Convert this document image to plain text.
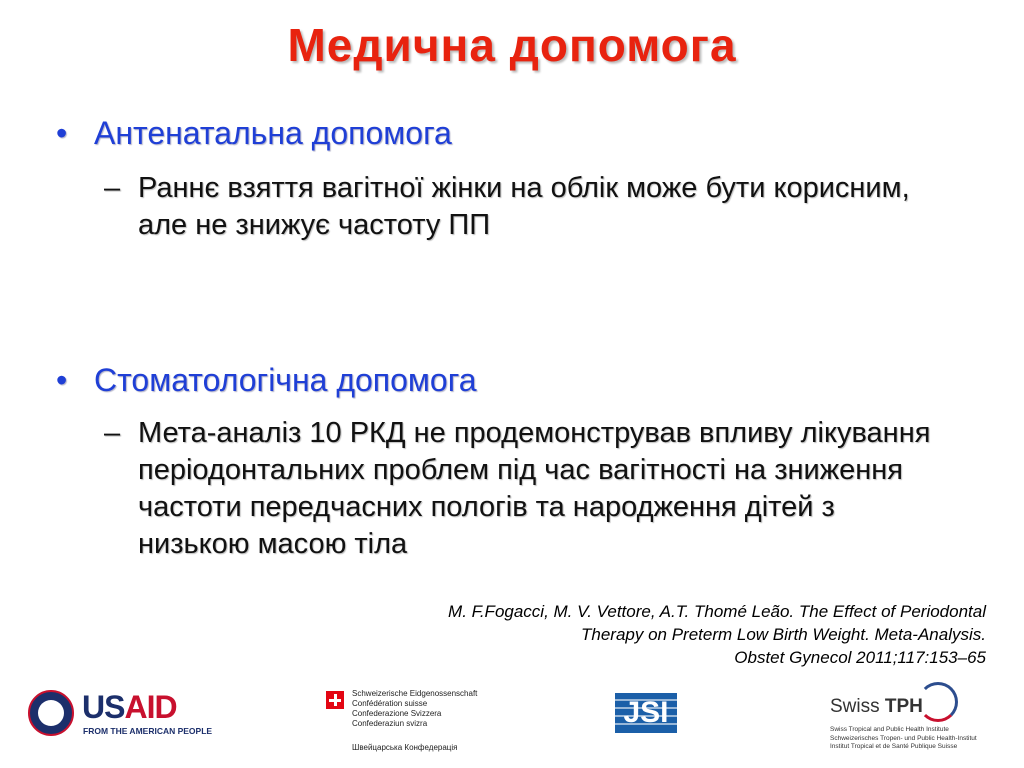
Медична допомога
• Антенатальна допомога
– Раннє взяття вагітної жінки на облік може бути корисним, але не знижує частоту ПП
• Стоматологічна допомога
– Мета-аналіз 10 РКД не продемонстрував впливу лікування періодонтальних проблем під час вагітності на зниження частоти передчасних пологів та народження дітей з низькою масою тіла
M. F.Fogacci, M. V. Vettore, A.T. Thomé Leão. The Effect of Periodontal
Therapy on Preterm Low Birth Weight. Meta-Analysis.
Obstet Gynecol 2011;117:153–65
USAID
FROM THE AMERICAN PEOPLE
Schweizerische Eidgenossenschaft
Confédération suisse
Confederazione Svizzera
Confederaziun svizra
Швейцарська Конфедерація
JSI	Swiss TPH
Swiss Tropical and Public Health Institute
Schweizerisches Tropen- und Public Health-Institut
Institut Tropical et de Santé Publique Suisse
